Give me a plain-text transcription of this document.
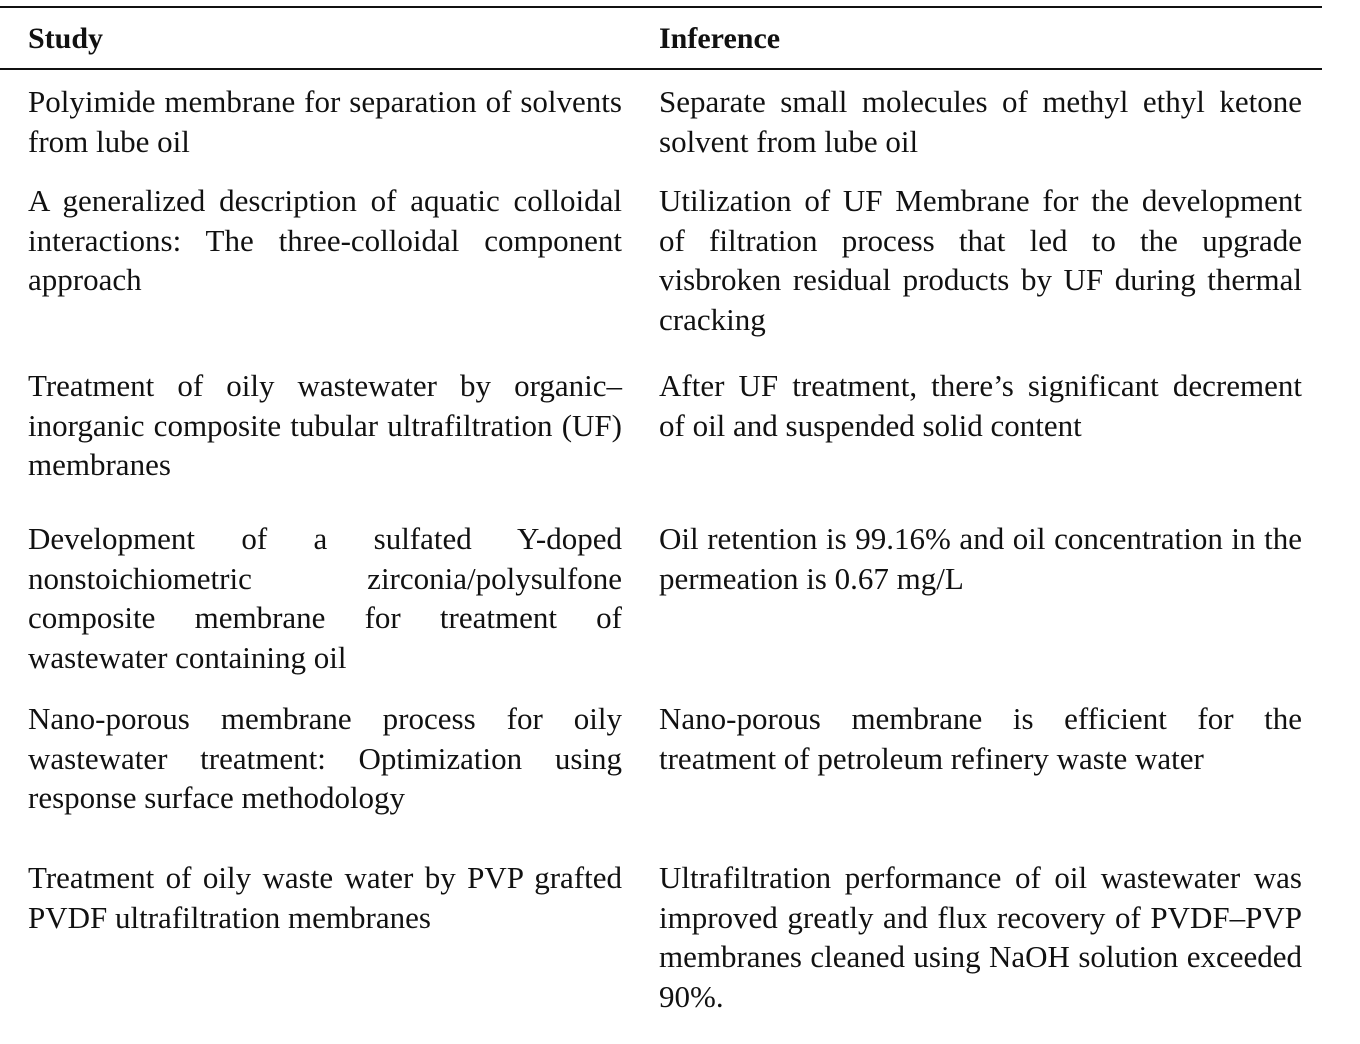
Study	Inference
Polyimide membrane for separation of solvents from lube oil
Separate small molecules of methyl ethyl ketone solvent from lube oil
A generalized description of aquatic colloidal interactions: The three-colloidal component approach
Utilization of UF Membrane for the development of filtration process that led to the upgrade visbroken residual products by UF during thermal cracking
Treatment of oily wastewater by organic–inorganic composite tubular ultrafiltration (UF) membranes
After UF treatment, there’s significant decrement of oil and suspended solid content
Development of a sulfated Y-doped nonstoichiometric zirconia/polysulfone composite membrane for treatment of wastewater containing oil
Oil retention is 99.16% and oil concentration in the permeation is 0.67 mg/L
Nano-porous membrane process for oily wastewater treatment: Optimization using response surface methodology
Nano-porous membrane is efficient for the treatment of petroleum refinery waste water
Treatment of oily waste water by PVP grafted PVDF ultrafiltration membranes
Ultrafiltration performance of oil wastewater was improved greatly and flux recovery of PVDF–PVP membranes cleaned using NaOH solution exceeded 90%.
